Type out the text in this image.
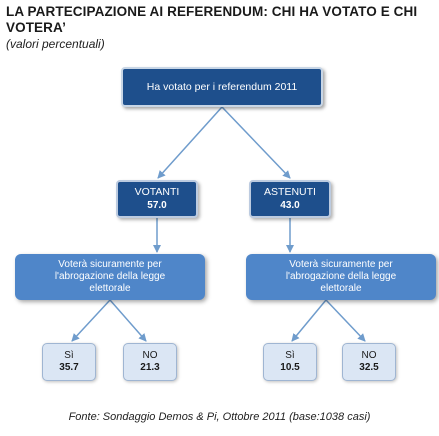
LA PARTECIPAZIONE AI REFERENDUM: CHI HA VOTATO E CHI VOTERA’
(valori percentuali)
Ha votato per i referendum 2011
VOTANTI
57.0
ASTENUTI
43.0
Voterà sicuramente per l'abrogazione della legge elettorale
Voterà sicuramente per l'abrogazione della legge elettorale
Sì
35.7
NO
21.3
Sì
10.5
NO
32.5
Fonte: Sondaggio Demos & Pi, Ottobre 2011 (base:1038 casi)
